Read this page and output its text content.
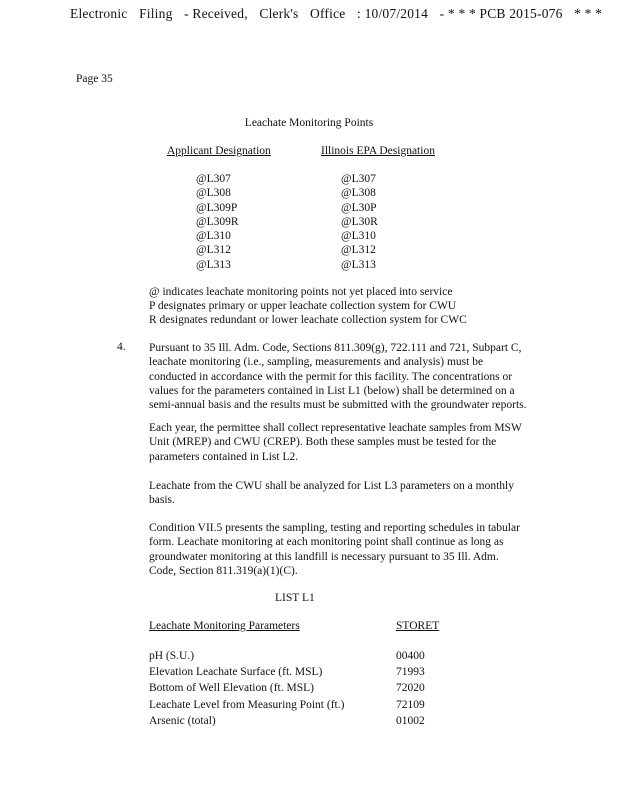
Electronic Filing - Received, Clerk's Office : 10/07/2014 - * * * PCB 2015-076 * * *
Page 35
Leachate Monitoring Points
Applicant Designation	Illinois EPA Designation
@L307
@L308
@L309P
@L309R
@L310
@L312
@L313
@L307
@L308
@L30P
@L30R
@L310
@L312
@L313
@ indicates leachate monitoring points not yet placed into service
P designates primary or upper leachate collection system for CWU
R designates redundant or lower leachate collection system for CWC
4. Pursuant to 35 Ill. Adm. Code, Sections 811.309(g), 722.111 and 721, Subpart C,
leachate monitoring (i.e., sampling, measurements and analysis) must be
conducted in accordance with the permit for this facility. The concentrations or
values for the parameters contained in List L1 (below) shall be determined on a
semi-annual basis and the results must be submitted with the groundwater reports.
Each year, the permittee shall collect representative leachate samples from MSW
Unit (MREP) and CWU (CREP). Both these samples must be tested for the
parameters contained in List L2.
Leachate from the CWU shall be analyzed for List L3 parameters on a monthly
basis.
Condition VII.5 presents the sampling, testing and reporting schedules in tabular
form. Leachate monitoring at each monitoring point shall continue as long as
groundwater monitoring at this landfill is necessary pursuant to 35 Ill. Adm.
Code, Section 811.319(a)(1)(C).
LIST L1
Leachate Monitoring Parameters	STORET
pH (S.U.)
Elevation Leachate Surface (ft. MSL)
Bottom of Well Elevation (ft. MSL)
Leachate Level from Measuring Point (ft.)
Arsenic (total)
00400
71993
72020
72109
01002
